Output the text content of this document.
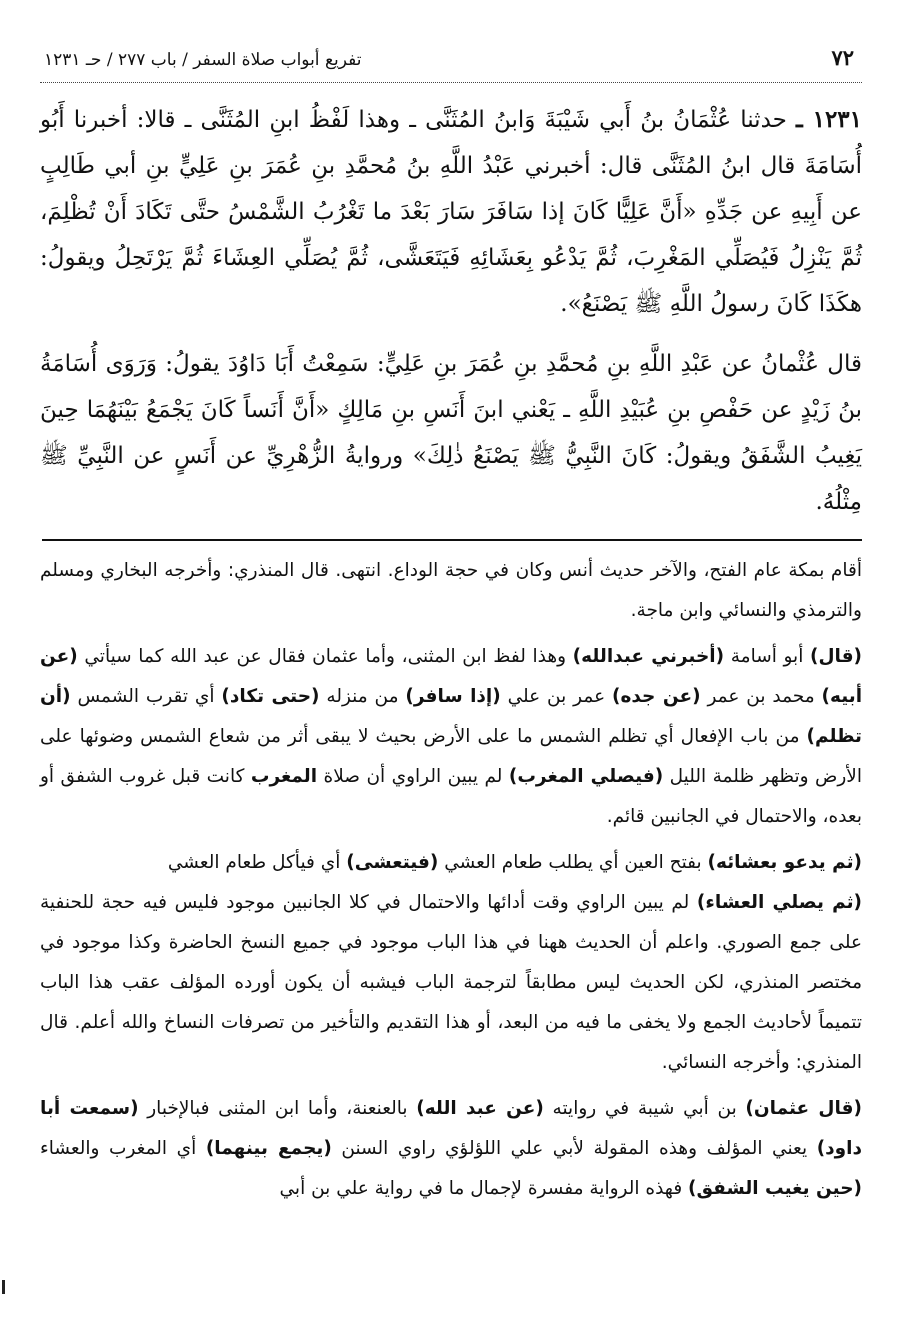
٧٢
تفريع أبواب صلاة السفر / باب ٢٧٧ / حـ ١٢٣١

١٢٣١ ـ حدثنا عُثْمَانُ بنُ أَبي شَيْبَةَ وَابنُ المُثَنَّى ـ وهذا لَفْظُ ابنِ المُثَنَّى ـ قالا: أخبرنا أَبُو أُسَامَةَ قال ابنُ المُثَنَّى قال: أخبرني عَبْدُ اللَّهِ بنُ مُحمَّدِ بنِ عُمَرَ بنِ عَلِيٍّ بنِ أبي طَالِبٍ عن أَبِيهِ عن جَدِّهِ «أَنَّ عَلِيًّا كَانَ إذا سَافَرَ سَارَ بَعْدَ ما تَغْرُبُ الشَّمْسُ حتَّى تَكَادَ أَنْ تُظْلِمَ، ثُمَّ يَنْزِلُ فَيُصَلِّي المَغْرِبَ، ثُمَّ يَدْعُو بِعَشَائِهِ فَيَتَعَشَّى، ثُمَّ يُصَلِّي العِشَاءَ ثُمَّ يَرْتَحِلُ ويقولُ: هكَذَا كَانَ رسولُ اللَّهِ ﷺ يَصْنَعُ».

قال عُثْمانُ عن عَبْدِ اللَّهِ بنِ مُحمَّدِ بنِ عُمَرَ بنِ عَلِيٍّ: سَمِعْتُ أَبَا دَاوُدَ يقولُ: وَرَوَى أُسَامَةُ بنُ زَيْدٍ عن حَفْصِ بنِ عُبَيْدِ اللَّهِ ـ يَعْني ابنَ أَنَسِ بنِ مَالِكٍ «أَنَّ أَنَساً كَانَ يَجْمَعُ بَيْنَهُمَا حِينَ يَغِيبُ الشَّفَقُ ويقولُ: كَانَ النَّبِيُّ ﷺ يَصْنَعُ ذٰلِكَ» وروايةُ الزُّهْرِيِّ عن أَنَسٍ عن النَّبِيِّ ﷺ مِثْلُهُ.

أقام بمكة عام الفتح، والآخر حديث أنس وكان في حجة الوداع. انتهى. قال المنذري: وأخرجه البخاري ومسلم والترمذي والنسائي وابن ماجة.

(قال) أبو أسامة (أخبرني عبدالله) وهذا لفظ ابن المثنى، وأما عثمان فقال عن عبد الله كما سيأتي (عن أبيه) محمد بن عمر (عن جده) عمر بن علي (إذا سافر) من منزله (حتى تكاد) أي تقرب الشمس (أن تظلم) من باب الإفعال أي تظلم الشمس ما على الأرض بحيث لا يبقى أثر من شعاع الشمس وضوئها على الأرض وتظهر ظلمة الليل (فيصلي المغرب) لم يبين الراوي أن صلاة المغرب كانت قبل غروب الشفق أو بعده، والاحتمال في الجانبين قائم.

(ثم يدعو بعشائه) بفتح العين أي يطلب طعام العشي (فيتعشى) أي فيأكل طعام العشي
(ثم يصلي العشاء) لم يبين الراوي وقت أدائها والاحتمال في كلا الجانبين موجود فليس فيه حجة للحنفية على جمع الصوري. واعلم أن الحديث ههنا في هذا الباب موجود في جميع النسخ الحاضرة وكذا موجود في مختصر المنذري، لكن الحديث ليس مطابقاً لترجمة الباب فيشبه أن يكون أورده المؤلف عقب هذا الباب تتميماً لأحاديث الجمع ولا يخفى ما فيه من البعد، أو هذا التقديم والتأخير من تصرفات النساخ والله أعلم. قال المنذري: وأخرجه النسائي.

(قال عثمان) بن أبي شيبة في روايته (عن عبد الله) بالعنعنة، وأما ابن المثنى فبالإخبار (سمعت أبا داود) يعني المؤلف وهذه المقولة لأبي علي اللؤلؤي راوي السنن (يجمع بينهما) أي المغرب والعشاء (حين يغيب الشفق) فهذه الرواية مفسرة لإجمال ما في رواية علي بن أبي
